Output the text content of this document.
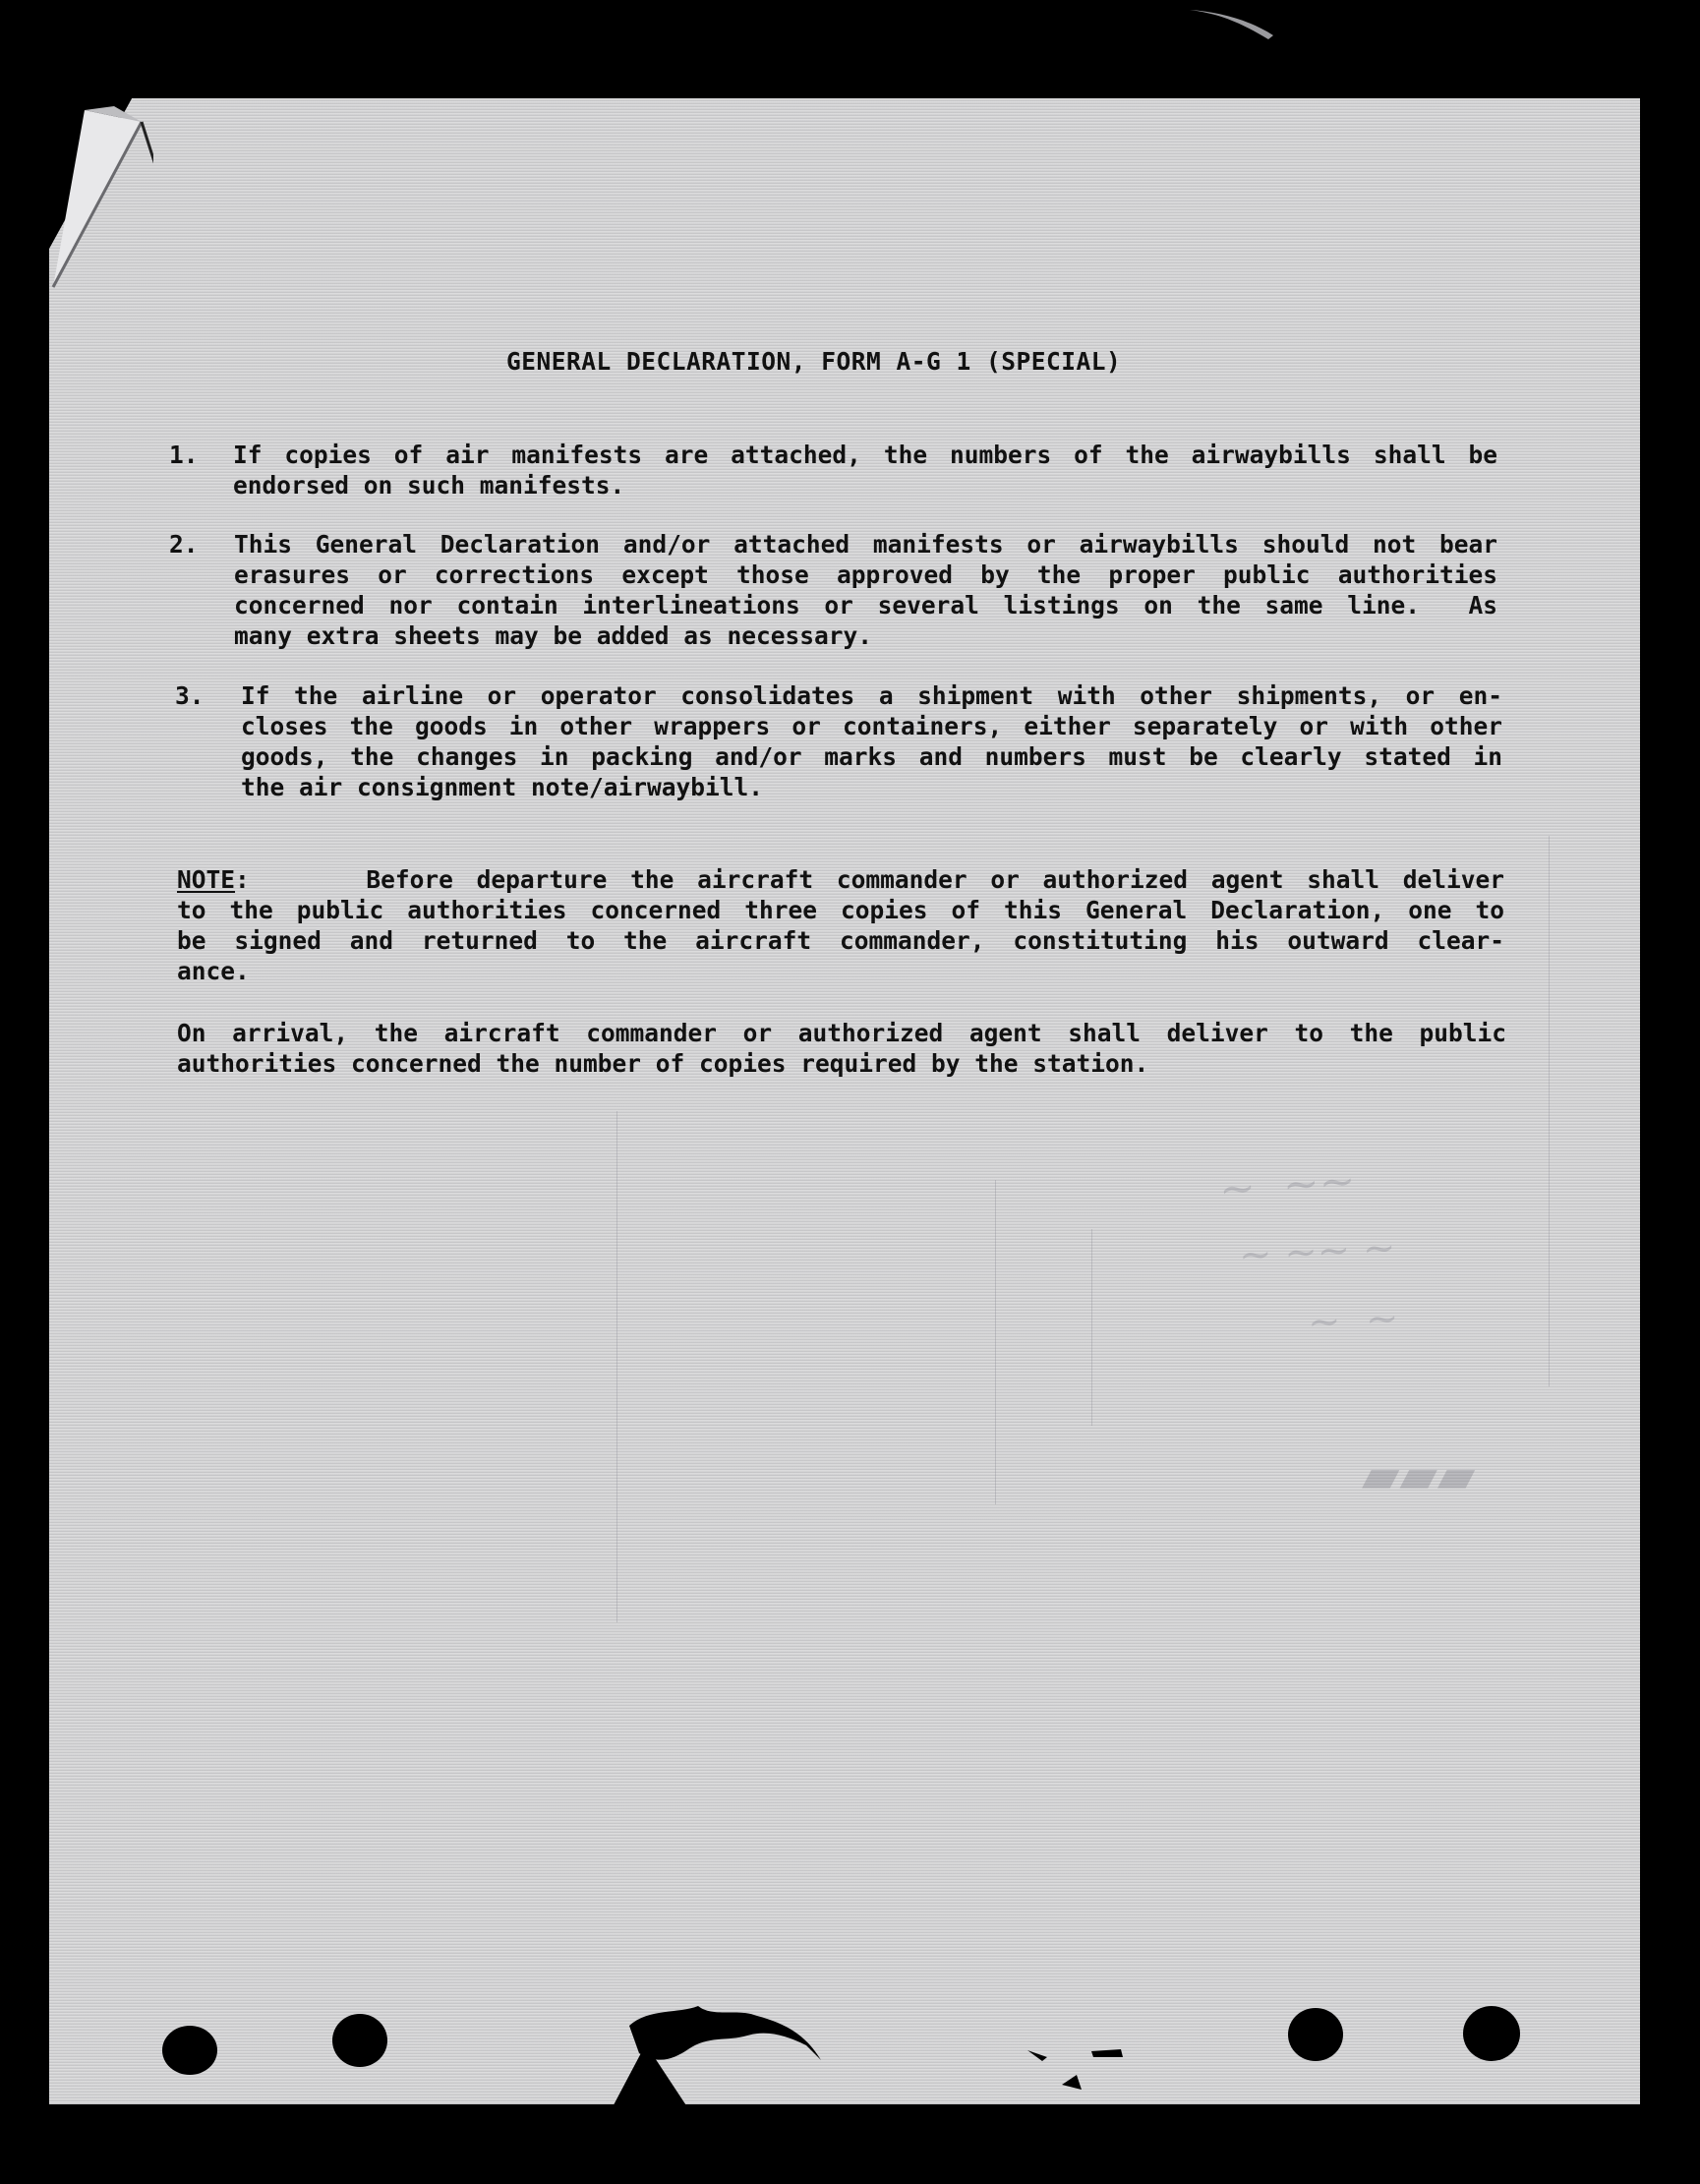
~  ~~
~ ~~ ~
~  ~
▰▰▰
GENERAL DECLARATION, FORM A-G 1 (SPECIAL)
1. If copies of air manifests are attached, the numbers of the airwaybills shall be
endorsed on such manifests.
2. This General Declaration and/or attached manifests or airwaybills should not bear
erasures or corrections except those approved by the proper public authorities
concerned nor contain interlineations or several listings on the same line.  As
many extra sheets may be added as necessary.
3. If the airline or operator consolidates a shipment with other shipments, or en-
closes the goods in other wrappers or containers, either separately or with other
goods, the changes in packing and/or marks and numbers must be clearly stated in
the air consignment note/airwaybill.
NOTE:	Before departure the aircraft commander or authorized agent shall deliver
to the public authorities concerned three copies of this General Declaration, one to
be signed and returned to the aircraft commander, constituting his outward clear-
ance.
On arrival, the aircraft commander or authorized agent shall deliver to the public
authorities concerned the number of copies required by the station.
